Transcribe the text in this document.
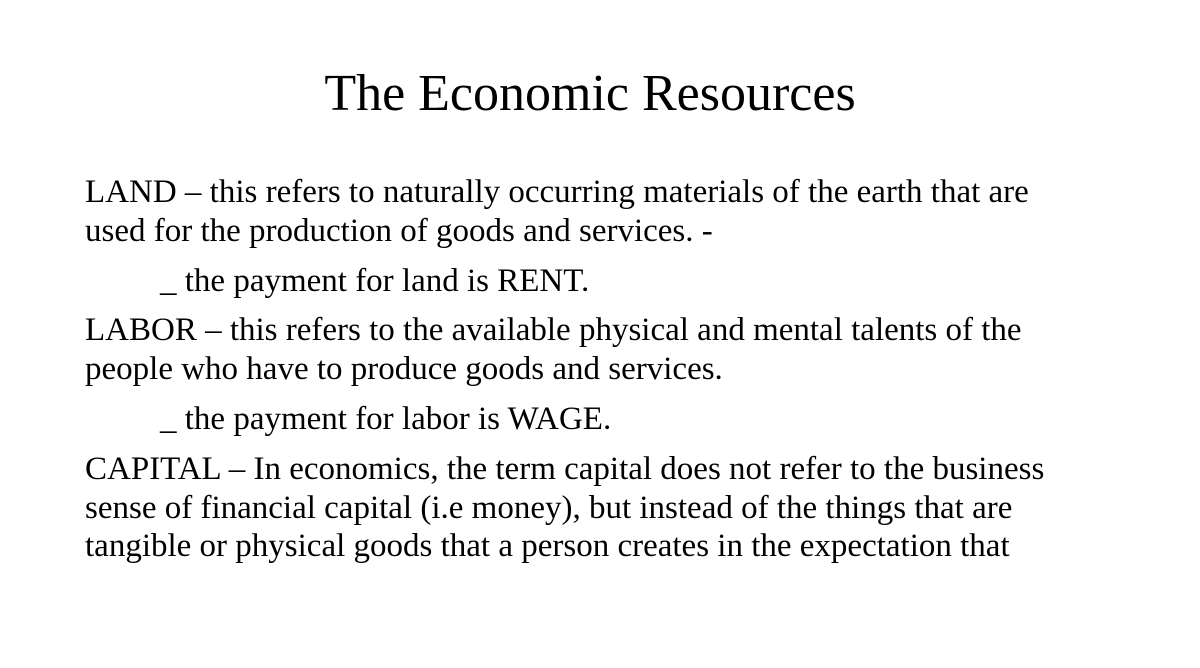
The Economic Resources
LAND – this refers to naturally occurring materials of the earth that are
used for the production of goods and services. -
_ the payment for land is RENT.
LABOR – this refers to the available physical and mental talents of the
people who have to produce goods and services.
_ the payment for labor is WAGE.
CAPITAL – In economics, the term capital does not refer to the business
sense of financial capital (i.e money), but instead of the things that are
tangible or physical goods that a person creates in the expectation that
